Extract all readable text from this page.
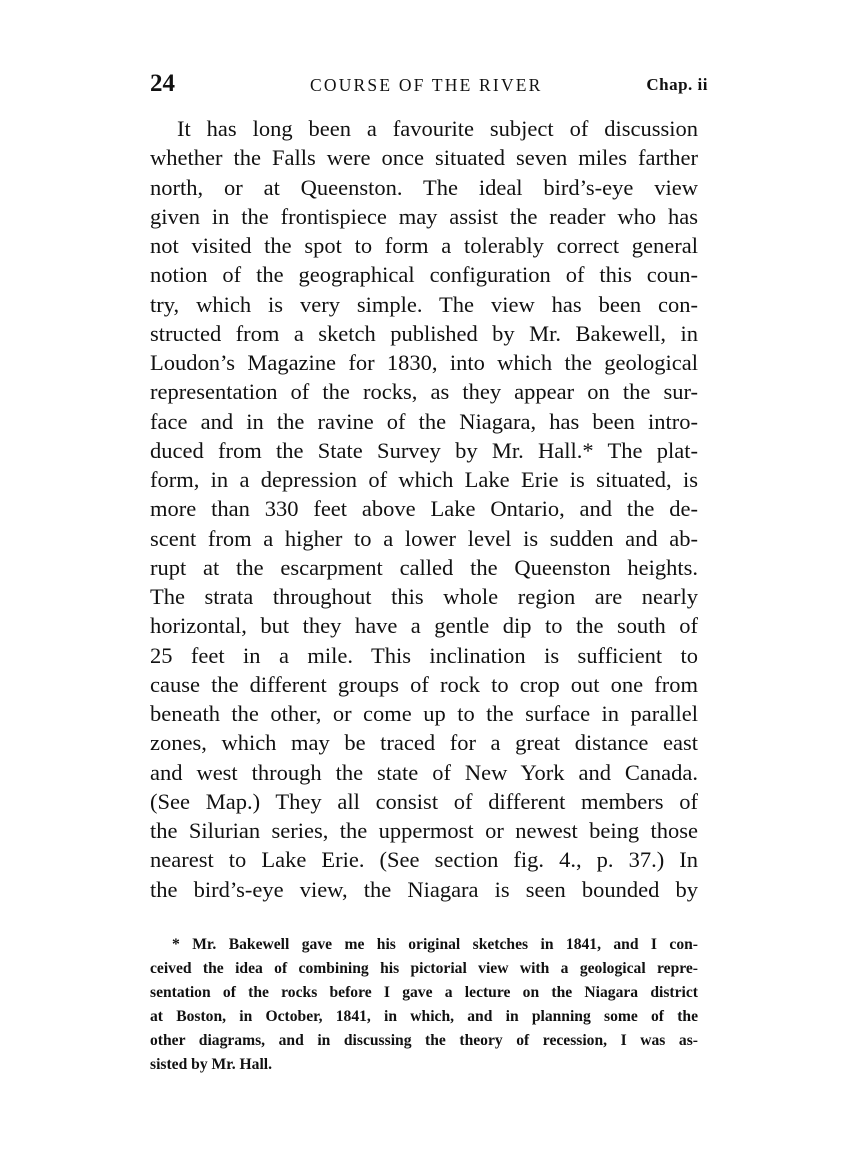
24	COURSE OF THE RIVER	Chap. ii
It has long been a favourite subject of discussion
whether the Falls were once situated seven miles farther
north, or at Queenston. The ideal bird’s-eye view
given in the frontispiece may assist the reader who has
not visited the spot to form a tolerably correct general
notion of the geographical configuration of this coun-
try, which is very simple. The view has been con-
structed from a sketch published by Mr. Bakewell, in
Loudon’s Magazine for 1830, into which the geological
representation of the rocks, as they appear on the sur-
face and in the ravine of the Niagara, has been intro-
duced from the State Survey by Mr. Hall.* The plat-
form, in a depression of which Lake Erie is situated, is
more than 330 feet above Lake Ontario, and the de-
scent from a higher to a lower level is sudden and ab-
rupt at the escarpment called the Queenston heights.
The strata throughout this whole region are nearly
horizontal, but they have a gentle dip to the south of
25 feet in a mile. This inclination is sufficient to
cause the different groups of rock to crop out one from
beneath the other, or come up to the surface in parallel
zones, which may be traced for a great distance east
and west through the state of New York and Canada.
(See Map.) They all consist of different members of
the Silurian series, the uppermost or newest being those
nearest to Lake Erie. (See section fig. 4., p. 37.) In
the bird’s-eye view, the Niagara is seen bounded by
* Mr. Bakewell gave me his original sketches in 1841, and I con-
ceived the idea of combining his pictorial view with a geological repre-
sentation of the rocks before I gave a lecture on the Niagara district
at Boston, in October, 1841, in which, and in planning some of the
other diagrams, and in discussing the theory of recession, I was as-
sisted by Mr. Hall.
